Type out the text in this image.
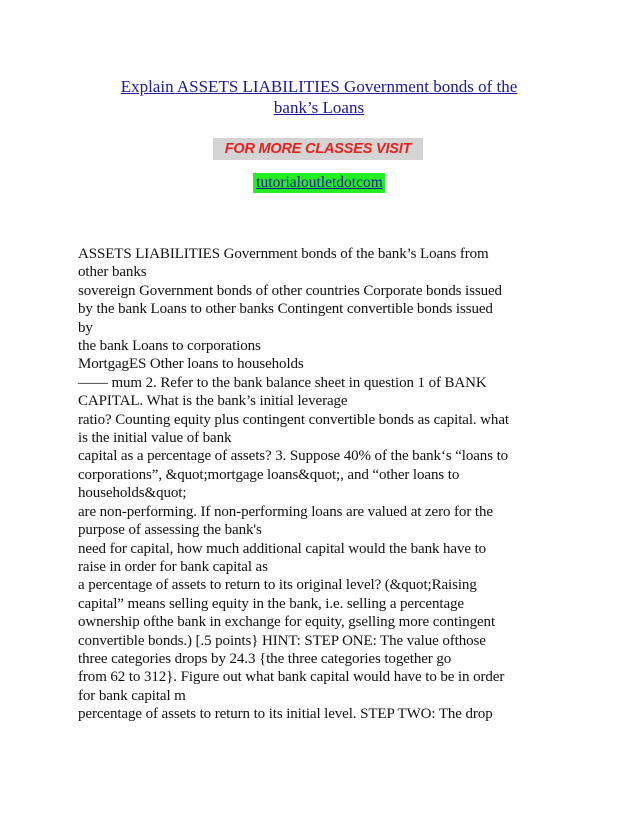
Explain ASSETS LIABILITIES Government bonds of the
bank’s Loans
FOR MORE CLASSES VISIT
tutorialoutletdotcom
ASSETS LIABILITIES Government bonds of the bank’s Loans from
other banks
sovereign Government bonds of other countries Corporate bonds issued
by the bank Loans to other banks Contingent convertible bonds issued
by
the bank Loans to corporations
MortgagES Other loans to households
—— mum 2. Refer to the bank balance sheet in question 1 of BANK
CAPITAL. What is the bank’s initial leverage
ratio? Counting equity plus contingent convertible bonds as capital. what
is the initial value of bank
capital as a percentage of assets? 3. Suppose 40% of the bank‘s “loans to
corporations”, &quot;mortgage loans&quot;, and “other loans to
households&quot;
are non-performing. If non-performing loans are valued at zero for the
purpose of assessing the bank's
need for capital, how much additional capital would the bank have to
raise in order for bank capital as
a percentage of assets to return to its original level? (&quot;Raising
capital” means selling equity in the bank, i.e. selling a percentage
ownership ofthe bank in exchange for equity, gselling more contingent
convertible bonds.) [.5 points} HINT: STEP ONE: The value ofthose
three categories drops by 24.3 {the three categories together go
from 62 to 312}. Figure out what bank capital would have to be in order
for bank capital m
percentage of assets to return to its initial level. STEP TWO: The drop
